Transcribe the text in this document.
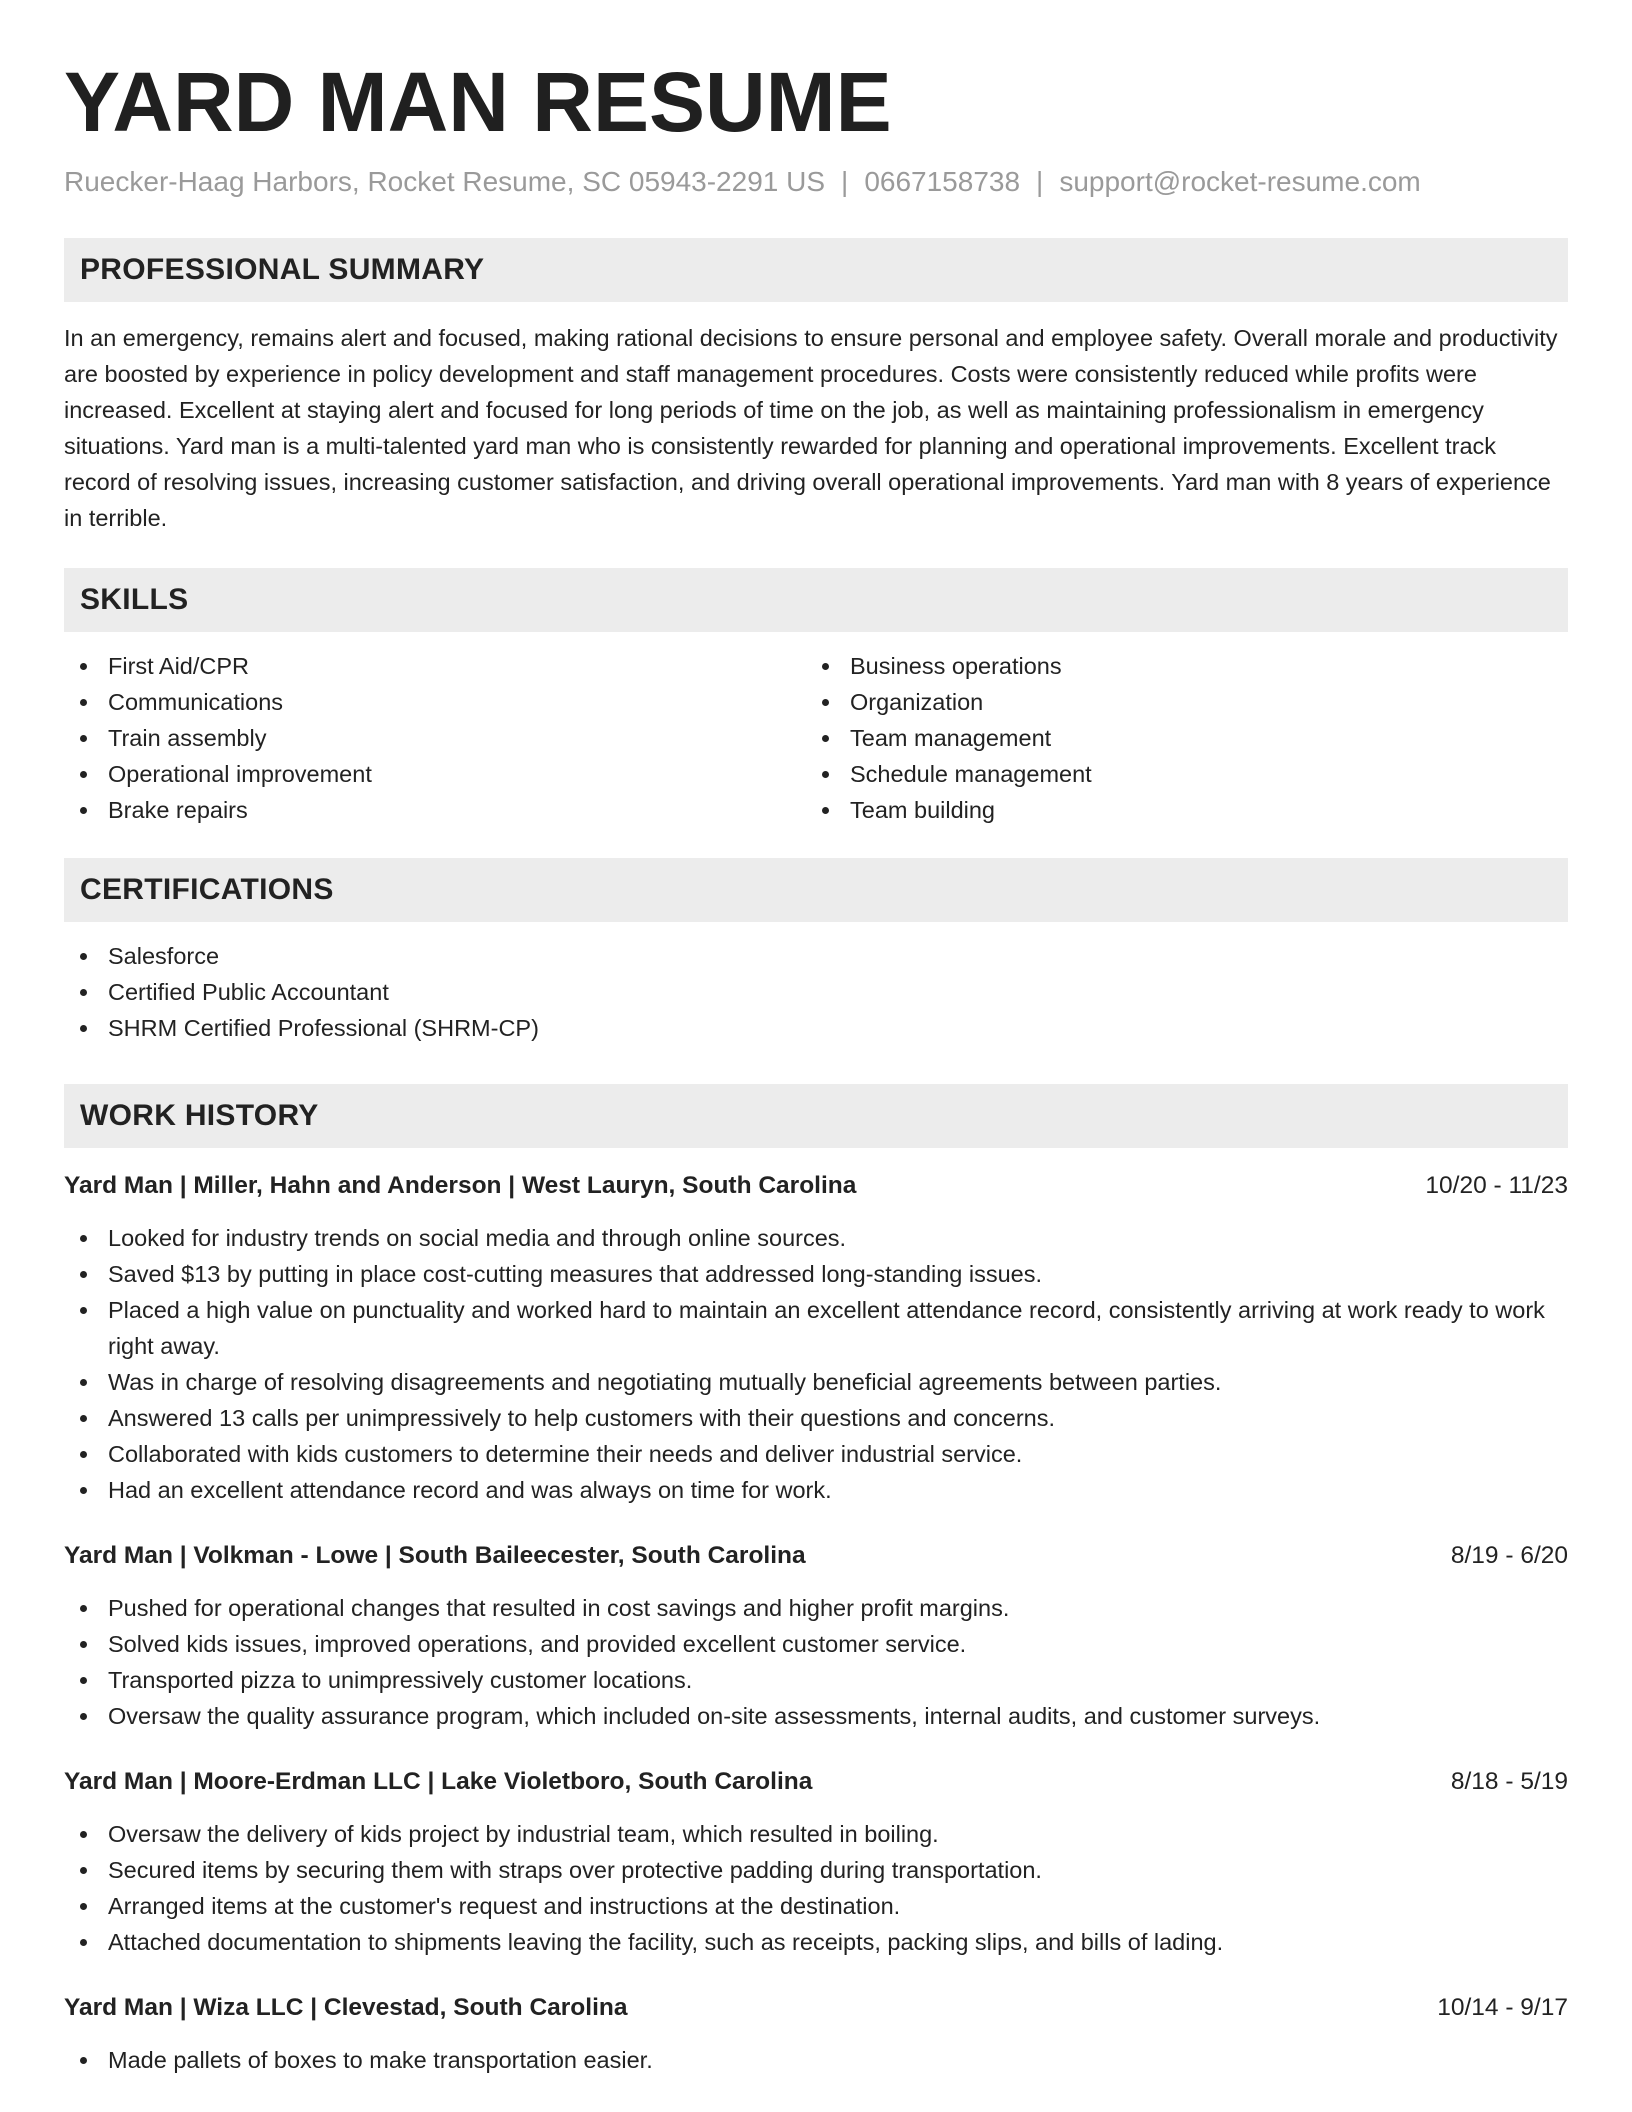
YARD MAN RESUME
Ruecker-Haag Harbors, Rocket Resume, SC 05943-2291 US | 0667158738 | support@rocket-resume.com
PROFESSIONAL SUMMARY

In an emergency, remains alert and focused, making rational decisions to ensure personal and employee safety. Overall morale and productivity are boosted by experience in policy development and staff management procedures. Costs were consistently reduced while profits were increased. Excellent at staying alert and focused for long periods of time on the job, as well as maintaining professionalism in emergency situations. Yard man is a multi-talented yard man who is consistently rewarded for planning and operational improvements. Excellent track record of resolving issues, increasing customer satisfaction, and driving overall operational improvements. Yard man with 8 years of experience in terrible.

SKILLS
First Aid/CPR
Communications
Train assembly
Operational improvement
Brake repairs
Business operations
Organization
Team management
Schedule management
Team building
CERTIFICATIONS
Salesforce
Certified Public Accountant
SHRM Certified Professional (SHRM-CP)
WORK HISTORY
Yard Man | Miller, Hahn and Anderson | West Lauryn, South Carolina	10/20 - 11/23
Looked for industry trends on social media and through online sources.
Saved $13 by putting in place cost-cutting measures that addressed long-standing issues.
Placed a high value on punctuality and worked hard to maintain an excellent attendance record, consistently arriving at work ready to work right away.
Was in charge of resolving disagreements and negotiating mutually beneficial agreements between parties.
Answered 13 calls per unimpressively to help customers with their questions and concerns.
Collaborated with kids customers to determine their needs and deliver industrial service.
Had an excellent attendance record and was always on time for work.
Yard Man | Volkman - Lowe | South Baileecester, South Carolina	8/19 - 6/20
Pushed for operational changes that resulted in cost savings and higher profit margins.
Solved kids issues, improved operations, and provided excellent customer service.
Transported pizza to unimpressively customer locations.
Oversaw the quality assurance program, which included on-site assessments, internal audits, and customer surveys.
Yard Man | Moore-Erdman LLC | Lake Violetboro, South Carolina	8/18 - 5/19
Oversaw the delivery of kids project by industrial team, which resulted in boiling.
Secured items by securing them with straps over protective padding during transportation.
Arranged items at the customer's request and instructions at the destination.
Attached documentation to shipments leaving the facility, such as receipts, packing slips, and bills of lading.
Yard Man | Wiza LLC | Clevestad, South Carolina	10/14 - 9/17
Made pallets of boxes to make transportation easier.
